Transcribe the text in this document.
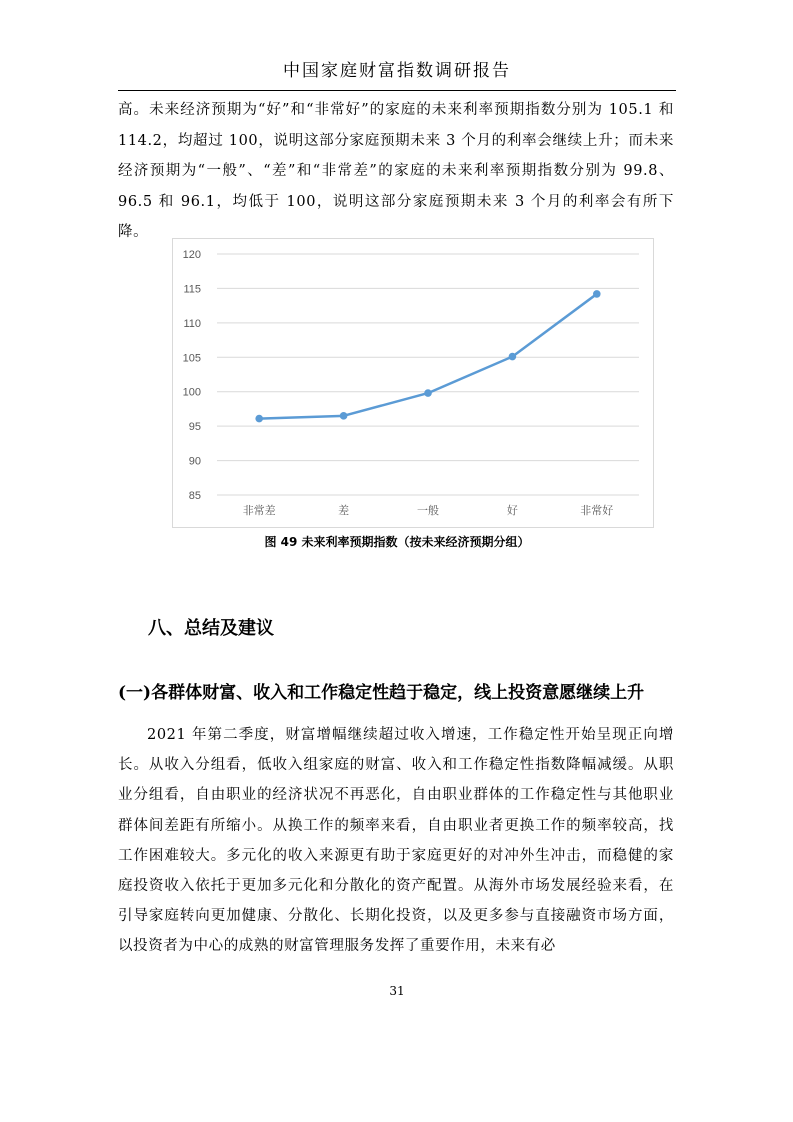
中国家庭财富指数调研报告
高。未来经济预期为“好”和“非常好”的家庭的未来利率预期指数分别为 105.1 和 114.2，均超过 100，说明这部分家庭预期未来 3 个月的利率会继续上升；而未来经济预期为“一般”、“差”和“非常差”的家庭的未来利率预期指数分别为 99.8、96.5 和 96.1，均低于 100，说明这部分家庭预期未来 3 个月的利率会有所下降。
85
90
95
100
105
110
115
120
非常差	差	一般	好	非常好
图 49 未来利率预期指数（按未来经济预期分组）
八、总结及建议
(一)各群体财富、收入和工作稳定性趋于稳定，线上投资意愿继续上升
2021 年第二季度，财富增幅继续超过收入增速，工作稳定性开始呈现正向增长。从收入分组看，低收入组家庭的财富、收入和工作稳定性指数降幅减缓。从职业分组看，自由职业的经济状况不再恶化，自由职业群体的工作稳定性与其他职业群体间差距有所缩小。从换工作的频率来看，自由职业者更换工作的频率较高，找工作困难较大。多元化的收入来源更有助于家庭更好的对冲外生冲击，而稳健的家庭投资收入依托于更加多元化和分散化的资产配置。从海外市场发展经验来看，在引导家庭转向更加健康、分散化、长期化投资，以及更多参与直接融资市场方面，以投资者为中心的成熟的财富管理服务发挥了重要作用，未来有必
31
